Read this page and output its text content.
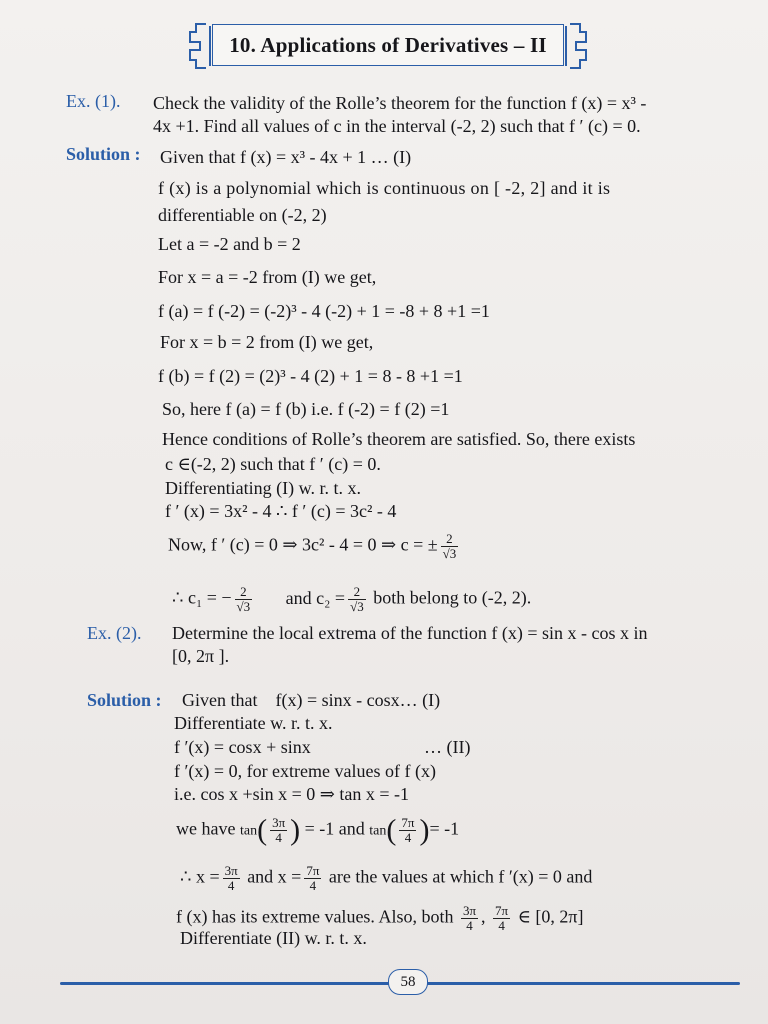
10. Applications of Derivatives – II
Ex. (1). Check the validity of the Rolle’s theorem for the function f (x) = x³ -
4x +1. Find all values of c in the interval (-2, 2) such that f ′ (c) = 0.
Solution : Given that f (x) = x³ - 4x + 1 … (I)
f (x) is a polynomial which is continuous on [ -2, 2] and it is
differentiable on (-2, 2)
Let a = -2 and b = 2
For x = a = -2 from (I) we get,
f (a) = f (-2) = (-2)³ - 4 (-2) + 1 = -8 + 8 +1 =1
For x = b = 2 from (I) we get,
f (b) = f (2) = (2)³ - 4 (2) + 1 = 8 - 8 +1 =1
So, here f (a) = f (b) i.e. f (-2) = f (2) =1
Hence conditions of Rolle’s theorem are satisfied. So, there exists
c ∈(-2, 2) such that f ′ (c) = 0.
Differentiating (I) w. r. t. x.
f ′ (x) = 3x² - 4 ∴ f ′ (c) = 3c² - 4
Now, f ′ (c) = 0 ⇒ 3c² - 4 = 0 ⇒ c = ± $\frac{2}{√3}$
∴ c₁ = − $\frac{2}{√3}$ and $c_2 = \frac{2}{√3}$ both belong to (-2, 2).
Ex. (2). Determine the local extrema of the function f (x) = sin x - cos x in
[0, 2π ].
Solution : Given that    f(x) = sinx - cosx… (I)
Differentiate w. r. t. x.
f ′(x) = cosx + sinx	… (II)
f ′(x) = 0, for extreme values of f (x)
i.e. cos x +sin x = 0 ⇒ tan x = -1
we have $\tan( \frac{3\pi}{4}$ ) = -1 and $\tan( \frac{7\pi}{4}$ )= -1
∴ $x = \frac{3\pi}{4}$ and $x = \frac{7\pi}{4}$ are the values at which f ′(x) = 0 and
f (x) has its extreme values. Also, both $\frac{3\pi}{4}$ , $\frac{7\pi}{4}$ ∈ [0, 2π]
Differentiate (II) w. r. t. x.
58
